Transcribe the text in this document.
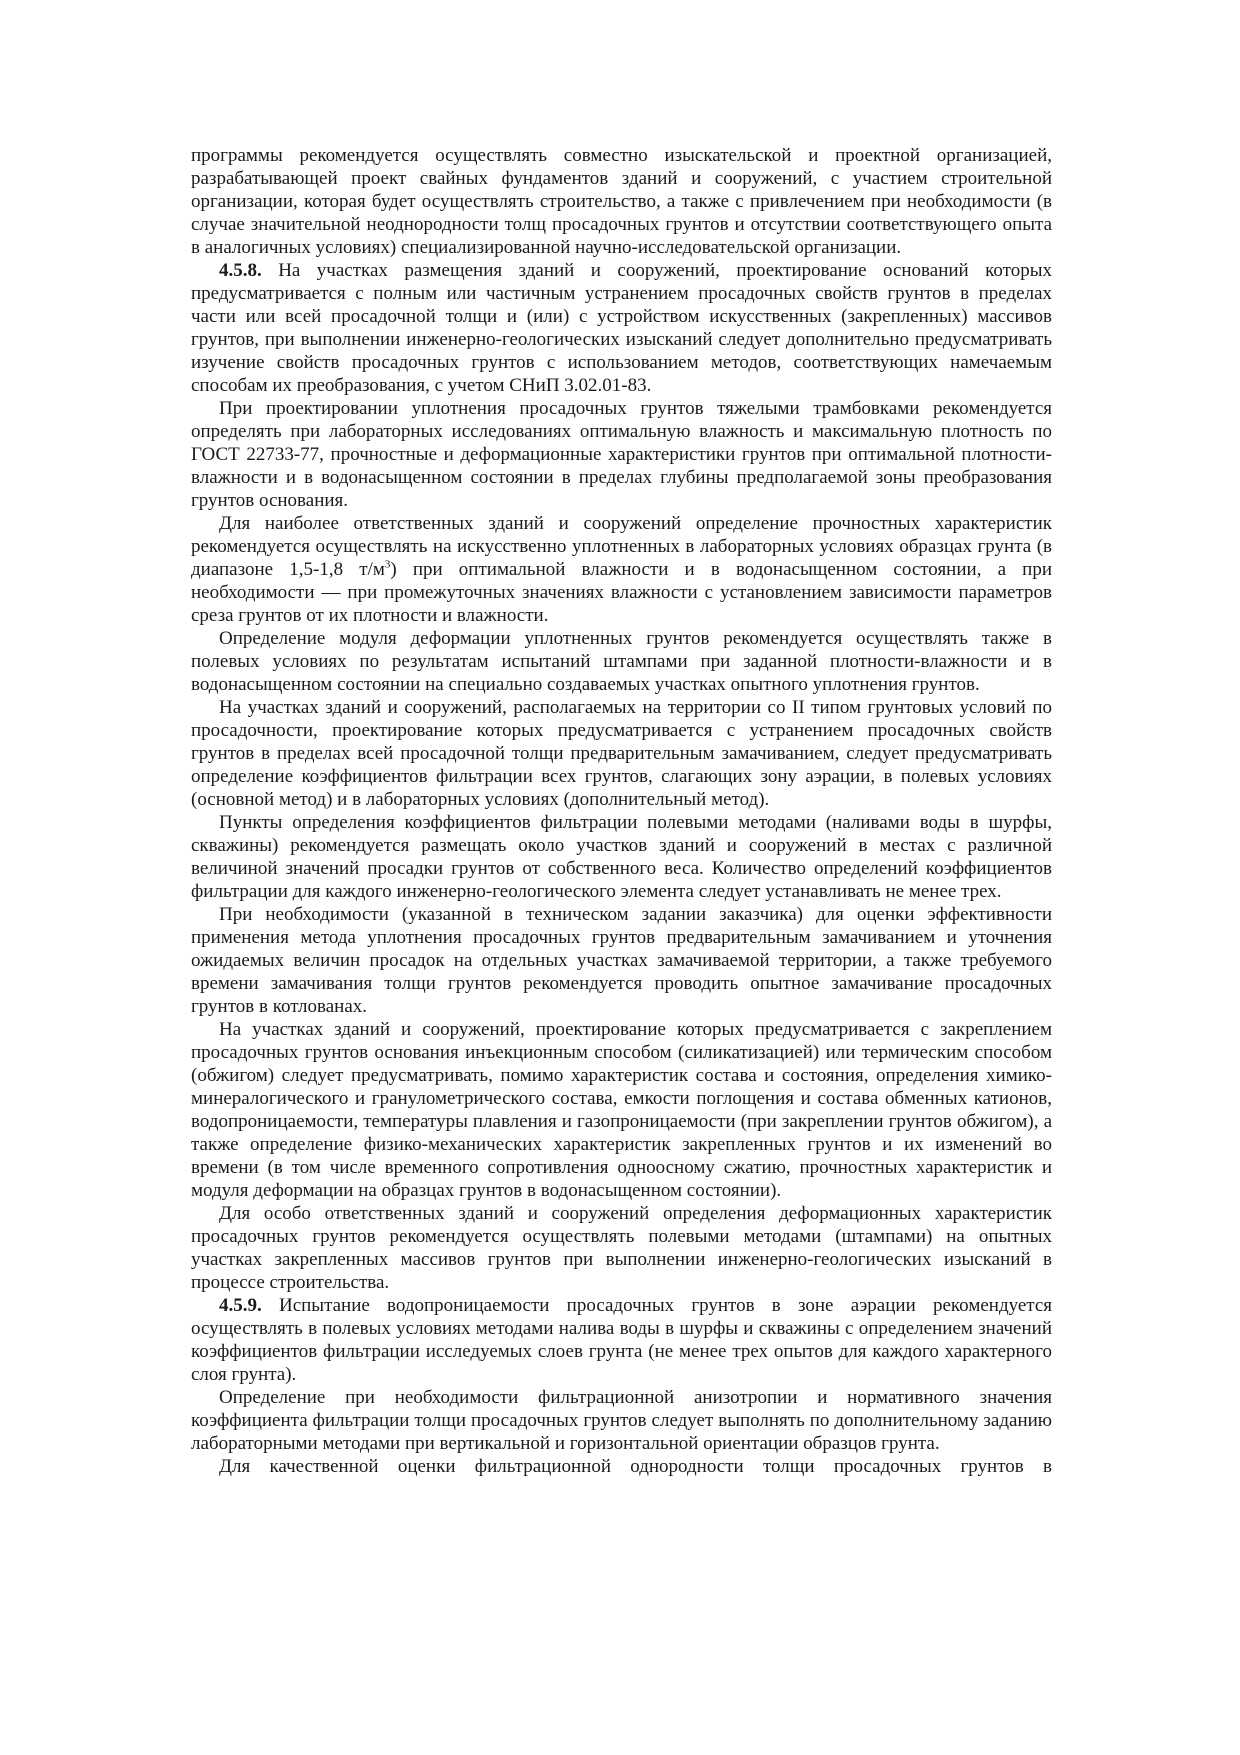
программы рекомендуется осуществлять совместно изыскательской и проектной организацией, разрабатывающей проект свайных фундаментов зданий и сооружений, с участием строительной организации, которая будет осуществлять строительство, а также с привлечением при необходимости (в случае значительной неоднородности толщ просадочных грунтов и отсутствии соответствующего опыта в аналогичных условиях) специализированной научно-исследовательской организации.

4.5.8. На участках размещения зданий и сооружений, проектирование оснований которых предусматривается с полным или частичным устранением просадочных свойств грунтов в пределах части или всей просадочной толщи и (или) с устройством искусственных (закрепленных) массивов грунтов, при выполнении инженерно-геологических изысканий следует дополнительно предусматривать изучение свойств просадочных грунтов с использованием методов, соответствующих намечаемым способам их преобразования, с учетом СНиП 3.02.01-83.

При проектировании уплотнения просадочных грунтов тяжелыми трамбовками рекомендуется определять при лабораторных исследованиях оптимальную влажность и максимальную плотность по ГОСТ 22733-77, прочностные и деформационные характеристики грунтов при оптимальной плотности-влажности и в водонасыщенном состоянии в пределах глубины предполагаемой зоны преобразования грунтов основания.

Для наиболее ответственных зданий и сооружений определение прочностных характеристик рекомендуется осуществлять на искусственно уплотненных в лабораторных условиях образцах грунта (в диапазоне 1,5-1,8 $т/м^3$) при оптимальной влажности и в водонасыщенном состоянии, а при необходимости — при промежуточных значениях влажности с установлением зависимости параметров среза грунтов от их плотности и влажности.

Определение модуля деформации уплотненных грунтов рекомендуется осуществлять также в полевых условиях по результатам испытаний штампами при заданной плотности-влажности и в водонасыщенном состоянии на специально создаваемых участках опытного уплотнения грунтов.

На участках зданий и сооружений, располагаемых на территории со II типом грунтовых условий по просадочности, проектирование которых предусматривается с устранением просадочных свойств грунтов в пределах всей просадочной толщи предварительным замачиванием, следует предусматривать определение коэффициентов фильтрации всех грунтов, слагающих зону аэрации, в полевых условиях (основной метод) и в лабораторных условиях (дополнительный метод).

Пункты определения коэффициентов фильтрации полевыми методами (наливами воды в шурфы, скважины) рекомендуется размещать около участков зданий и сооружений в местах с различной величиной значений просадки грунтов от собственного веса. Количество определений коэффициентов фильтрации для каждого инженерно-геологического элемента следует устанавливать не менее трех.

При необходимости (указанной в техническом задании заказчика) для оценки эффективности применения метода уплотнения просадочных грунтов предварительным замачиванием и уточнения ожидаемых величин просадок на отдельных участках замачиваемой территории, а также требуемого времени замачивания толщи грунтов рекомендуется проводить опытное замачивание просадочных грунтов в котлованах.

На участках зданий и сооружений, проектирование которых предусматривается с закреплением просадочных грунтов основания инъекционным способом (силикатизацией) или термическим способом (обжигом) следует предусматривать, помимо характеристик состава и состояния, определения химико-минералогического и гранулометрического состава, емкости поглощения и состава обменных катионов, водопроницаемости, температуры плавления и газопроницаемости (при закреплении грунтов обжигом), а также определение физико-механических характеристик закрепленных грунтов и их изменений во времени (в том числе временного сопротивления одноосному сжатию, прочностных характеристик и модуля деформации на образцах грунтов в водонасыщенном состоянии).

Для особо ответственных зданий и сооружений определения деформационных характеристик просадочных грунтов рекомендуется осуществлять полевыми методами (штампами) на опытных участках закрепленных массивов грунтов при выполнении инженерно-геологических изысканий в процессе строительства.

4.5.9. Испытание водопроницаемости просадочных грунтов в зоне аэрации рекомендуется осуществлять в полевых условиях методами налива воды в шурфы и скважины с определением значений коэффициентов фильтрации исследуемых слоев грунта (не менее трех опытов для каждого характерного слоя грунта).

Определение при необходимости фильтрационной анизотропии и нормативного значения коэффициента фильтрации толщи просадочных грунтов следует выполнять по дополнительному заданию лабораторными методами при вертикальной и горизонтальной ориентации образцов грунта.

Для качественной оценки фильтрационной однородности толщи просадочных грунтов в
